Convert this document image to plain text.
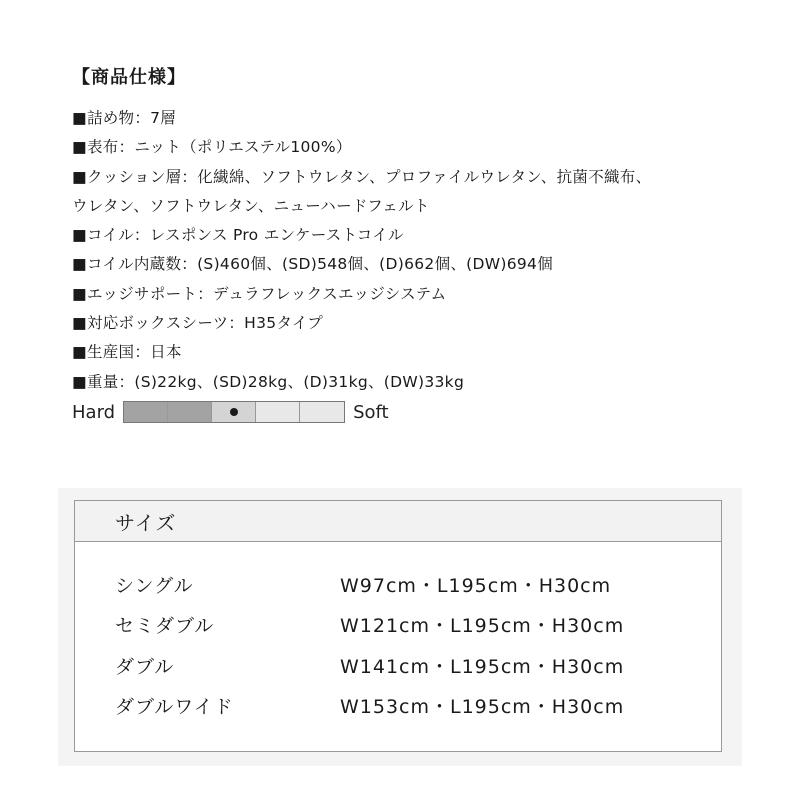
【商品仕様】
■詰め物：7層
■表布：ニット（ポリエステル100%）
■クッション層：化繊綿、ソフトウレタン、プロファイルウレタン、抗菌不織布、
ウレタン、ソフトウレタン、ニューハードフェルト
■コイル：レスポンス Pro エンケーストコイル
■コイル内蔵数：(S)460個、(SD)548個、(D)662個、(DW)694個
■エッジサポート：デュラフレックスエッジシステム
■対応ボックスシーツ：H35タイプ
■生産国：日本
■重量：(S)22kg、(SD)28kg、(D)31kg、(DW)33kg
Hard	Soft
サイズ
シングル	W97cm・L195cm・H30cm
セミダブル	W121cm・L195cm・H30cm
ダブル	W141cm・L195cm・H30cm
ダブルワイド	W153cm・L195cm・H30cm
